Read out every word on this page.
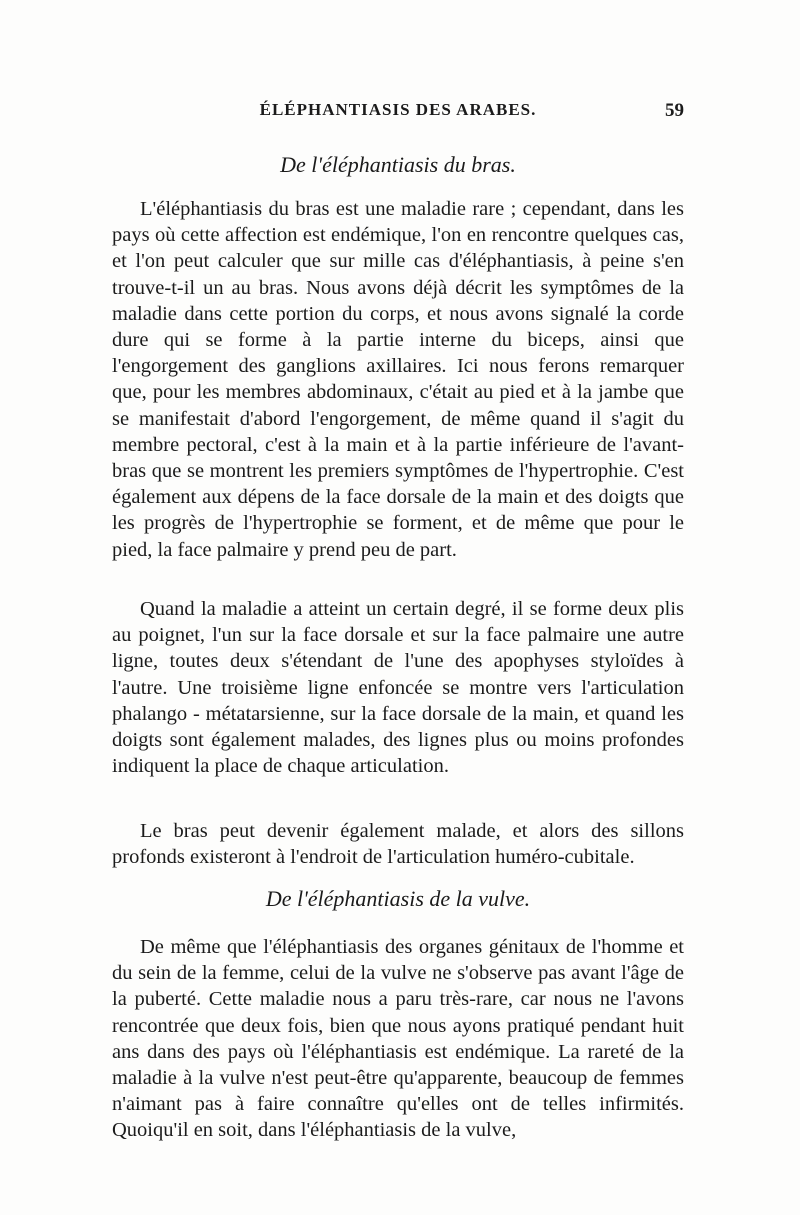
ÉLÉPHANTIASIS DES ARABES.	59
De l'éléphantiasis du bras.

L'éléphantiasis du bras est une maladie rare ; cependant, dans les pays où cette affection est endémique, l'on en rencontre quelques cas, et l'on peut calculer que sur mille cas d'éléphantiasis, à peine s'en trouve-t-il un au bras. Nous avons déjà décrit les symptômes de la maladie dans cette portion du corps, et nous avons signalé la corde dure qui se forme à la partie interne du biceps, ainsi que l'engorgement des ganglions axillaires. Ici nous ferons remarquer que, pour les membres abdominaux, c'était au pied et à la jambe que se manifestait d'abord l'engorgement, de même quand il s'agit du membre pectoral, c'est à la main et à la partie inférieure de l'avant-bras que se montrent les premiers symptômes de l'hypertrophie. C'est également aux dépens de la face dorsale de la main et des doigts que les progrès de l'hypertrophie se forment, et de même que pour le pied, la face palmaire y prend peu de part.

Quand la maladie a atteint un certain degré, il se forme deux plis au poignet, l'un sur la face dorsale et sur la face palmaire une autre ligne, toutes deux s'étendant de l'une des apophyses styloïdes à l'autre. Une troisième ligne enfoncée se montre vers l'articulation phalango - métatarsienne, sur la face dorsale de la main, et quand les doigts sont également malades, des lignes plus ou moins profondes indiquent la place de chaque articulation.

Le bras peut devenir également malade, et alors des sillons profonds existeront à l'endroit de l'articulation huméro-cubitale.

De l'éléphantiasis de la vulve.

De même que l'éléphantiasis des organes génitaux de l'homme et du sein de la femme, celui de la vulve ne s'observe pas avant l'âge de la puberté. Cette maladie nous a paru très-rare, car nous ne l'avons rencontrée que deux fois, bien que nous ayons pratiqué pendant huit ans dans des pays où l'éléphantiasis est endémique. La rareté de la maladie à la vulve n'est peut-être qu'apparente, beaucoup de femmes n'aimant pas à faire connaître qu'elles ont de telles infirmités. Quoiqu'il en soit, dans l'éléphantiasis de la vulve,
